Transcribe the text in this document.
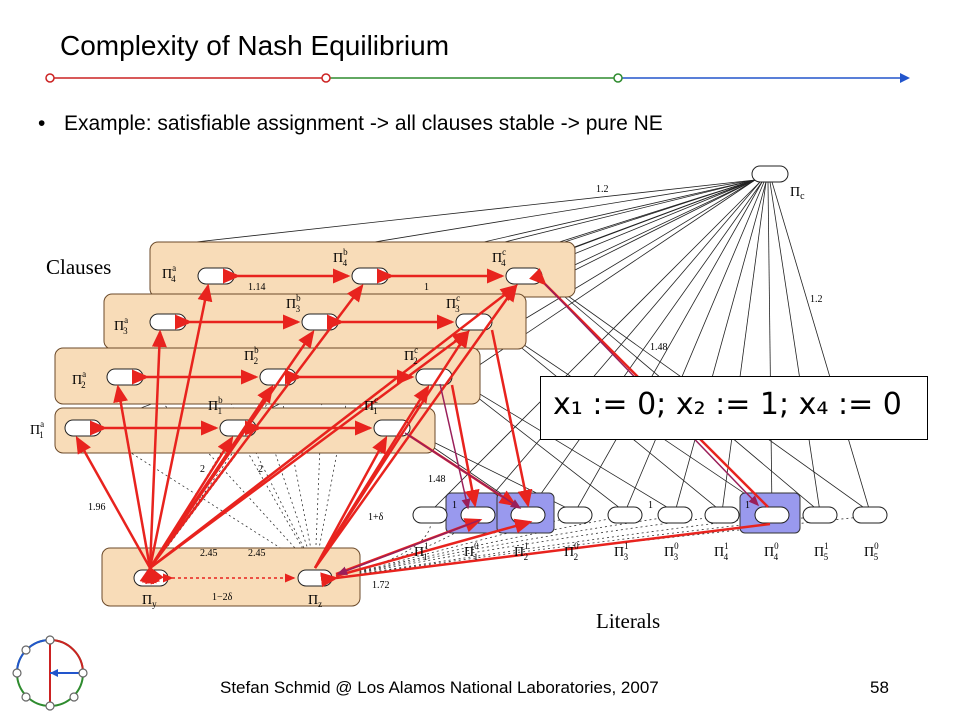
Complexity of Nash Equilibrium
• Example: satisfiable assignment -> all clauses stable -> pure NE
Clauses
Literals
$\Pi_c$
$\Pi^a$ 4
$\Pi^b$ 4	$\Pi^c$ 4
$\Pi^a$ 3
$\Pi^b$ 3	$\Pi^c$ 3
$\Pi^a$ 2
$\Pi^b$ 2	$\Pi^c$ 2
$\Pi^a$ 1
$\Pi^b$ 1	$\Pi^c$ 1
$\Pi^1$ 1	$\Pi^0$ 1	$\Pi^1$ 2	$\Pi^0$ 2	$\Pi^1$ 3	$\Pi^0$ 3	$\Pi^1$ 4	$\Pi^0$ 4	$\Pi^1$ 5	$\Pi^0$ 5
$\Pi_y$	$\Pi_z$
1.2
1.2
1.14	1
1.48
1.48
1.96
2	2
2.45	2.45
1−2δ
1+δ
1.72
1	1	1
x₁ := 0; x₂ := 1; x₄ := 0
Stefan Schmid @ Los Alamos National Laboratories, 2007	58
